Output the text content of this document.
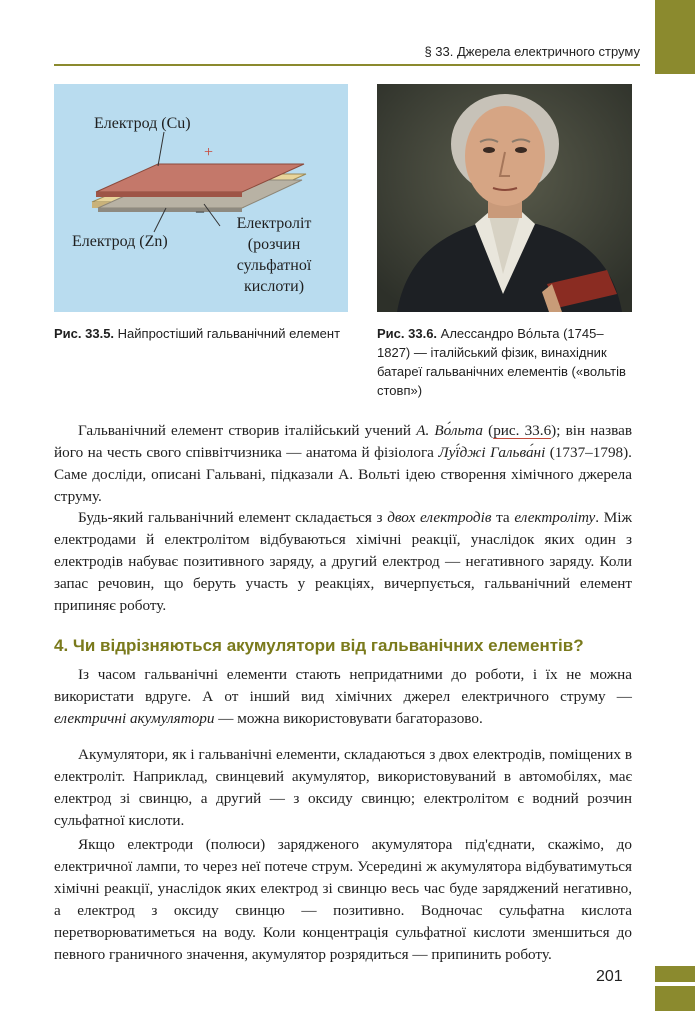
§ 33. Джерела електричного струму
Електрод (Cu)
+
–
Електрод (Zn)
Електроліт
(розчин
сульфатної
кислоти)
Рис. 33.5. Найпростіший гальванічний елемент	Рис. 33.6. Алессандро Во́льта (1745–1827) — італійський фізик, винахідник батареї гальванічних елементів («вольтів стовп»)
Гальванічний елемент створив італійський учений А. Во́льта (рис. 33.6); він назвав його на честь свого співвітчизника — анатома й фізіолога Луї́джі Гальва́ні (1737–1798). Саме досліди, описані Гальвані, підказали А. Вольті ідею створення хімічного джерела струму.
Будь-який гальванічний елемент складається з двох електродів та електроліту. Між електродами й електролітом відбуваються хімічні реакції, унаслідок яких один з електродів набуває позитивного заряду, а другий електрод — негативного заряду. Коли запас речовин, що беруть участь у реакціях, вичерпується, гальванічний елемент припиняє роботу.
4. Чи відрізняються акумулятори від гальванічних елементів?
Із часом гальванічні елементи стають непридатними до роботи, і їх не можна використати вдруге. А от інший вид хімічних джерел електричного струму — електричні акумулятори — можна використовувати багаторазово.
Акумулятори, як і гальванічні елементи, складаються з двох електродів, поміщених в електроліт. Наприклад, свинцевий акумулятор, використовуваний в автомобілях, має електрод зі свинцю, а другий — з оксиду свинцю; електролітом є водний розчин сульфатної кислоти.
Якщо електроди (полюси) зарядженого акумулятора під'єднати, скажімо, до електричної лампи, то через неї потече струм. Усередині ж акумулятора відбуватимуться хімічні реакції, унаслідок яких електрод зі свинцю весь час буде заряджений негативно, а електрод з оксиду свинцю — позитивно. Водночас сульфатна кислота перетворюватиметься на воду. Коли концентрація сульфатної кислоти зменшиться до певного граничного значення, акумулятор розрядиться — припинить роботу.
201
